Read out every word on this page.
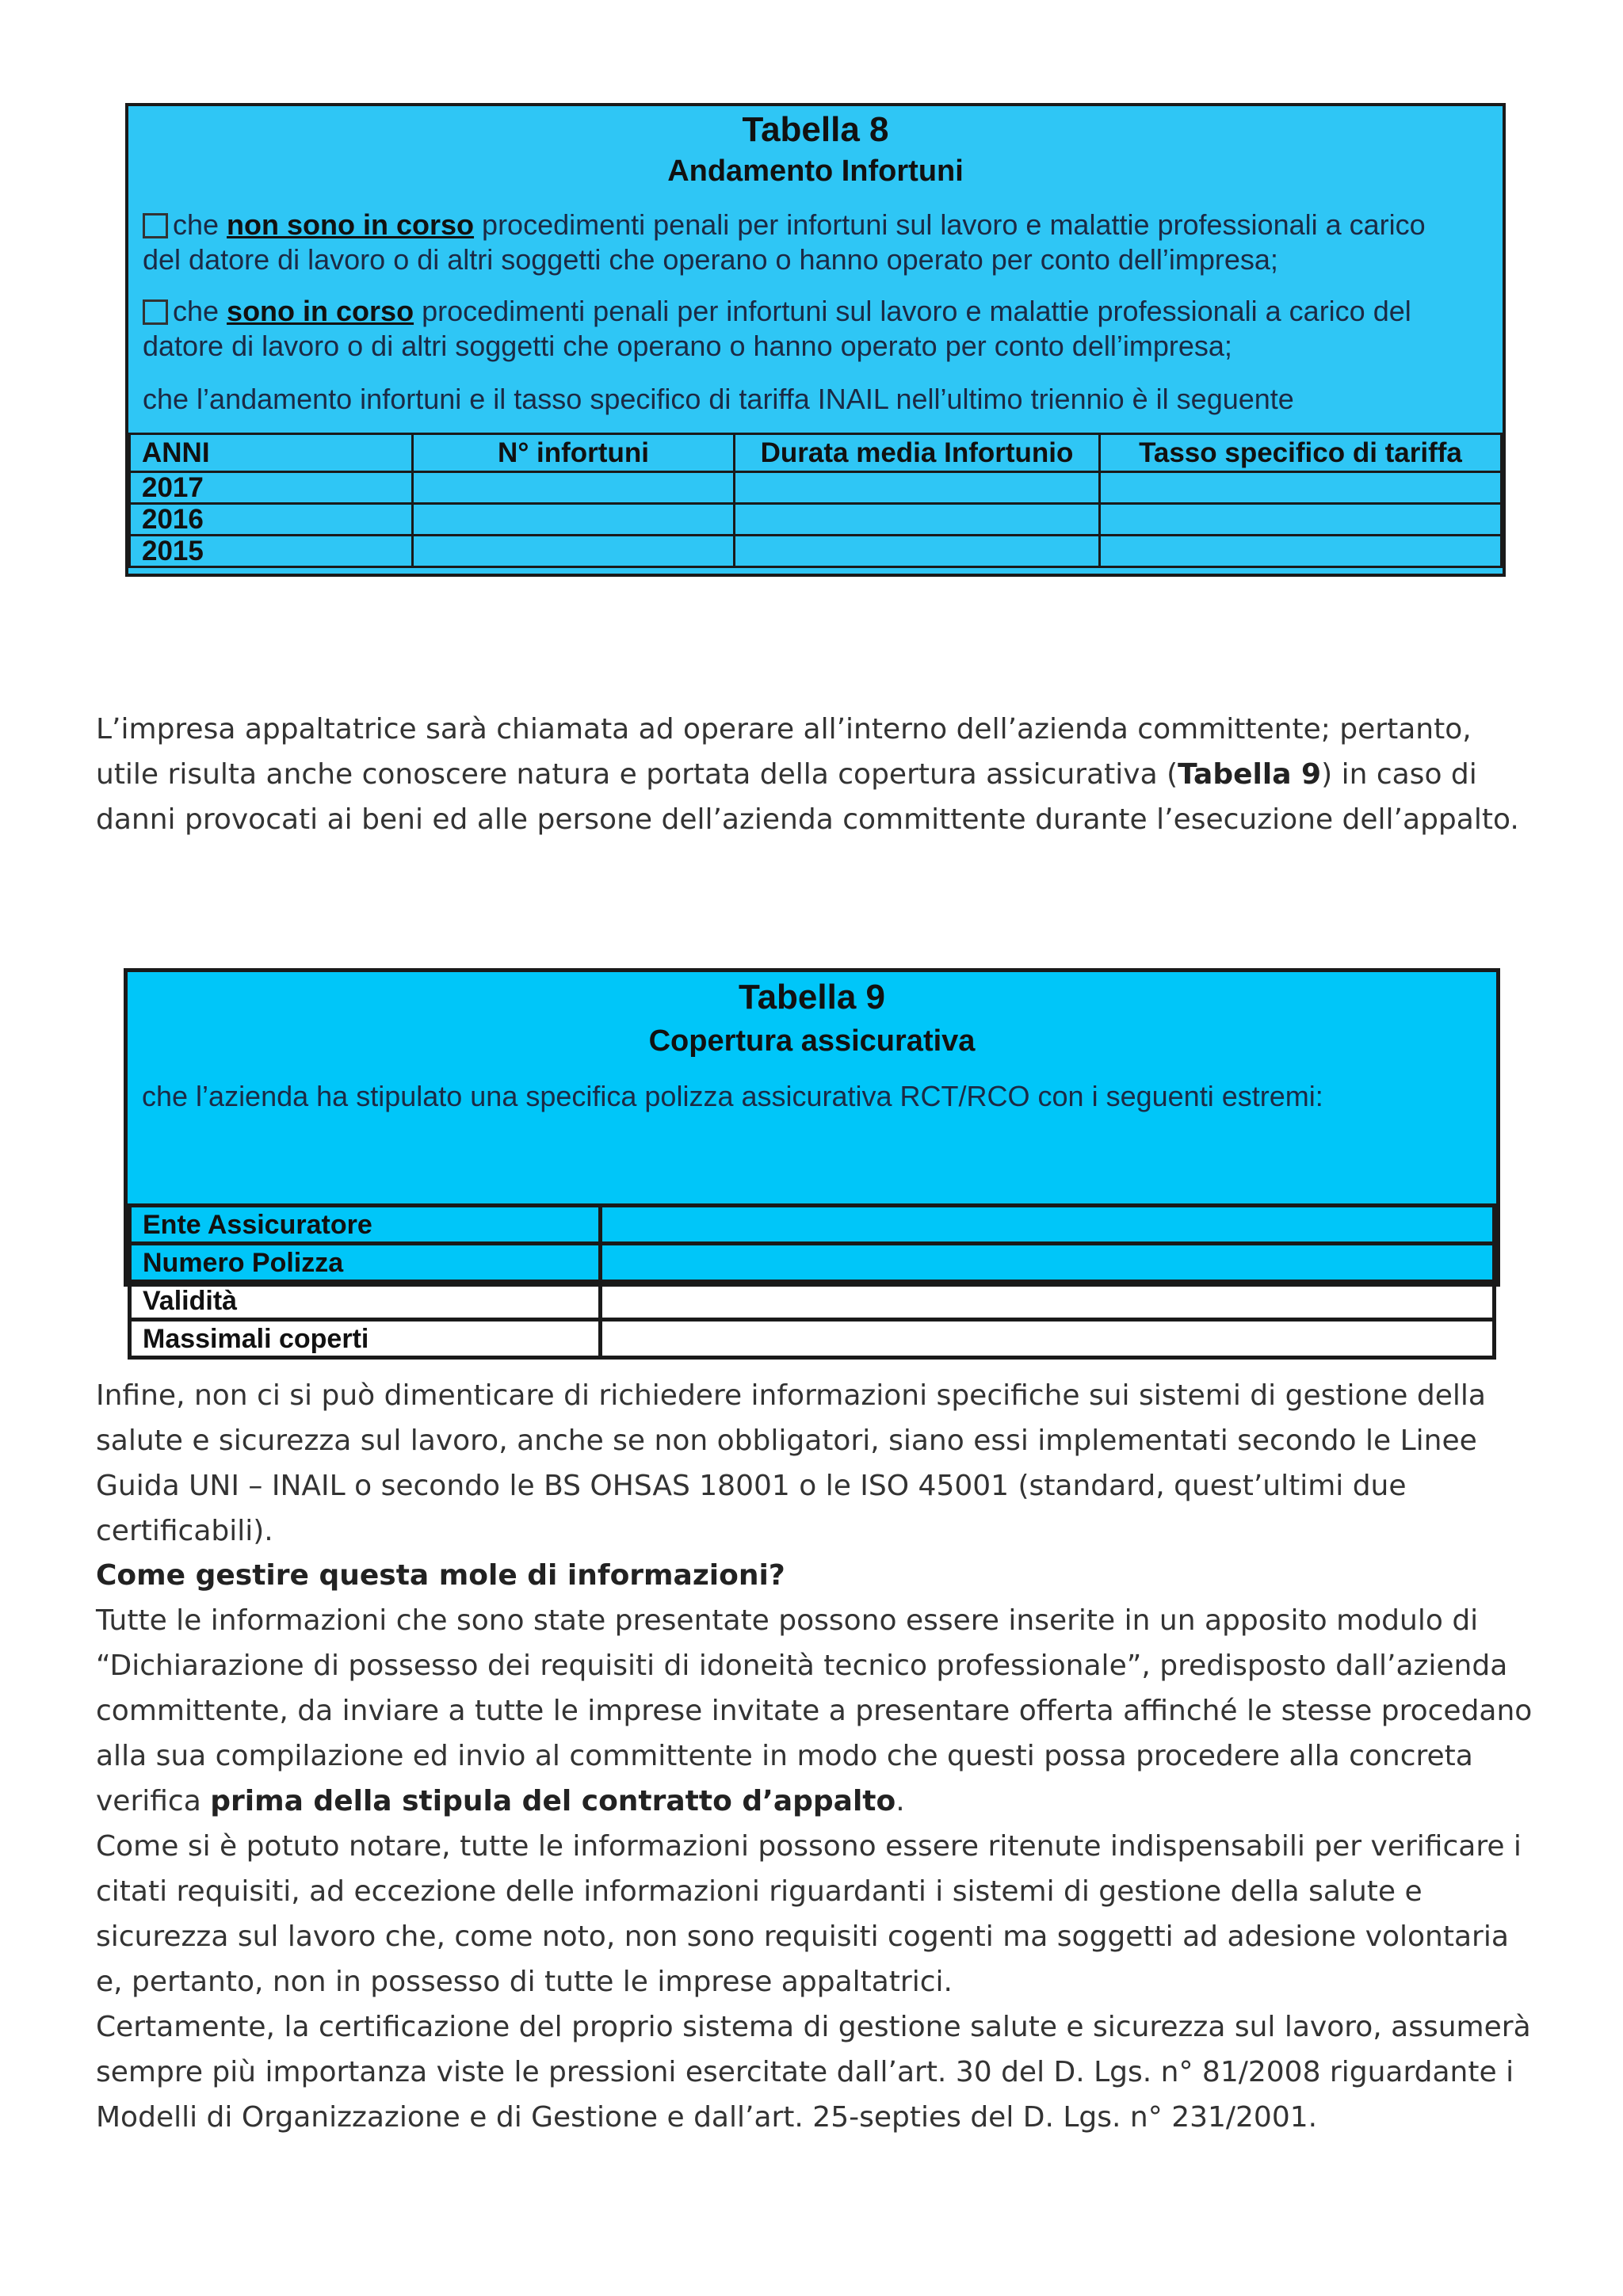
Tabella 8
Andamento Infortuni
che non sono in corso procedimenti penali per infortuni sul lavoro e malattie professionali a carico
del datore di lavoro o di altri soggetti che operano o hanno operato per conto dell’impresa;
che sono in corso procedimenti penali per infortuni sul lavoro e malattie professionali a carico del
datore di lavoro o di altri soggetti che operano o hanno operato per conto dell’impresa;
che l’andamento infortuni e il tasso specifico di tariffa INAIL nell’ultimo triennio è il seguente
ANNI	N° infortuni	Durata media Infortunio	Tasso specifico di tariffa
2017			
2016			
2015			
L’impresa appaltatrice sarà chiamata ad operare all’interno dell’azienda committente; pertanto, utile risulta anche conoscere natura e portata della copertura assicurativa (Tabella 9) in caso di danni provocati ai beni ed alle persone dell’azienda committente durante l’esecuzione dell’appalto.
Tabella 9
Copertura assicurativa
che l’azienda ha stipulato una specifica polizza assicurativa RCT/RCO con i seguenti estremi:
Ente Assicuratore	
Numero Polizza	
Validità	
Massimali coperti	
Infine, non ci si può dimenticare di richiedere informazioni specifiche sui sistemi di gestione della salute e sicurezza sul lavoro, anche se non obbligatori, siano essi implementati secondo le Linee Guida UNI – INAIL o secondo le BS OHSAS 18001 o le ISO 45001 (standard, quest’ultimi due certificabili).
Come gestire questa mole di informazioni?
Tutte le informazioni che sono state presentate possono essere inserite in un apposito modulo di “Dichiarazione di possesso dei requisiti di idoneità tecnico professionale”, predisposto dall’azienda committente, da inviare a tutte le imprese invitate a presentare offerta affinché le stesse procedano alla sua compilazione ed invio al committente in modo che questi possa procedere alla concreta verifica prima della stipula del contratto d’appalto.
Come si è potuto notare, tutte le informazioni possono essere ritenute indispensabili per verificare i citati requisiti, ad eccezione delle informazioni riguardanti i sistemi di gestione della salute e sicurezza sul lavoro che, come noto, non sono requisiti cogenti ma soggetti ad adesione volontaria e, pertanto, non in possesso di tutte le imprese appaltatrici.
Certamente, la certificazione del proprio sistema di gestione salute e sicurezza sul lavoro, assumerà sempre più importanza viste le pressioni esercitate dall’art. 30 del D. Lgs. n° 81/2008 riguardante i Modelli di Organizzazione e di Gestione e dall’art. 25-septies del D. Lgs. n° 231/2001.
